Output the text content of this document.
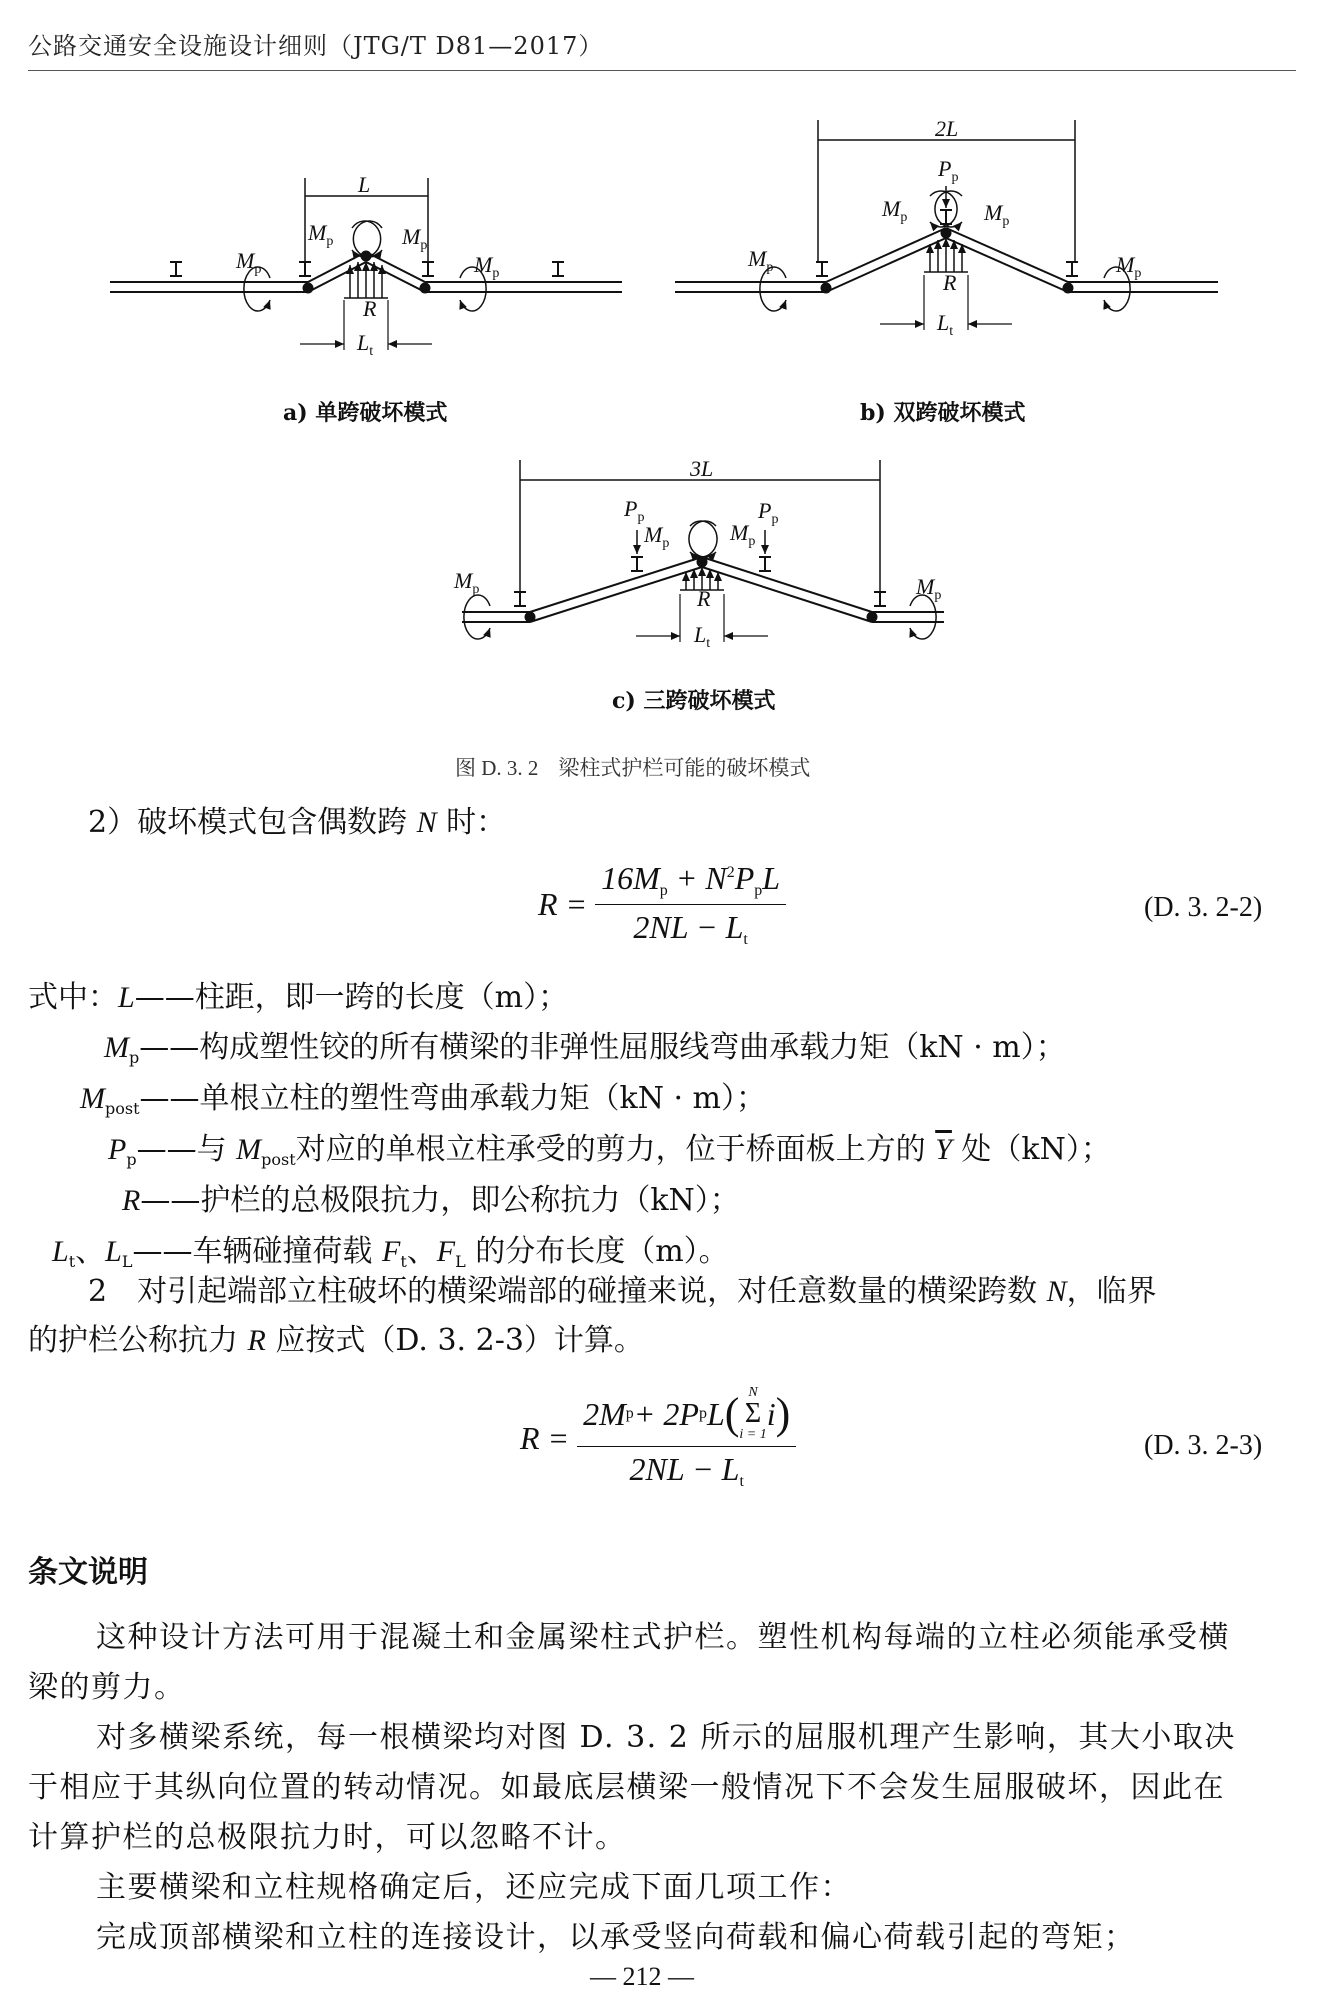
公路交通安全设施设计细则（JTG/T D81—2017）
L
$M_p$	$M_p$
$M_p$	$M_p$
R
$L_t$
a) 单跨破坏模式
2L
$P_p$
$M_p$	$M_p$
$M_p$	$M_p$
R
$L_t$
b) 双跨破坏模式
3L
$P_p$	$P_p$
$M_p$	$M_p$
$M_p$	$M_p$
R
$L_t$
c) 三跨破坏模式
图 D. 3. 2 梁柱式护栏可能的破坏模式
2）破坏模式包含偶数跨 N 时：
$R = \frac{16M_p + N^2P_pL}{2NL - L_t}$	(D. 3. 2-2)
式中：L——柱距，即一跨的长度（m）；
$M_p——$构成塑性铰的所有横梁的非弹性屈服线弯曲承载力矩（kN · m）；
$M_{post}——$单根立柱的塑性弯曲承载力矩（kN · m）；
$P_p——$与 $M_{post}$对应的单根立柱承受的剪力，位于桥面板上方的 $\overline{Y}$ 处（kN）；
R——护栏的总极限抗力，即公称抗力（kN）；
$L_t$、$L_L——$车辆碰撞荷载 $F_t$、$F_L$ 的分布长度（m）。
2　对引起端部立柱破坏的横梁端部的碰撞来说，对任意数量的横梁跨数 N，临界
的护栏公称抗力 R 应按式（D. 3. 2-3）计算。
R =
2M p + 2P p L ( N
Σ
i = 1
i )
$2NL - L_t$
(D. 3. 2-3)
条文说明
这种设计方法可用于混凝土和金属梁柱式护栏。塑性机构每端的立柱必须能承受横
梁的剪力。
对多横梁系统，每一根横梁均对图 D. 3. 2 所示的屈服机理产生影响，其大小取决
于相应于其纵向位置的转动情况。如最底层横梁一般情况下不会发生屈服破坏，因此在
计算护栏的总极限抗力时，可以忽略不计。
主要横梁和立柱规格确定后，还应完成下面几项工作：
完成顶部横梁和立柱的连接设计，以承受竖向荷载和偏心荷载引起的弯矩；
— 212 —
